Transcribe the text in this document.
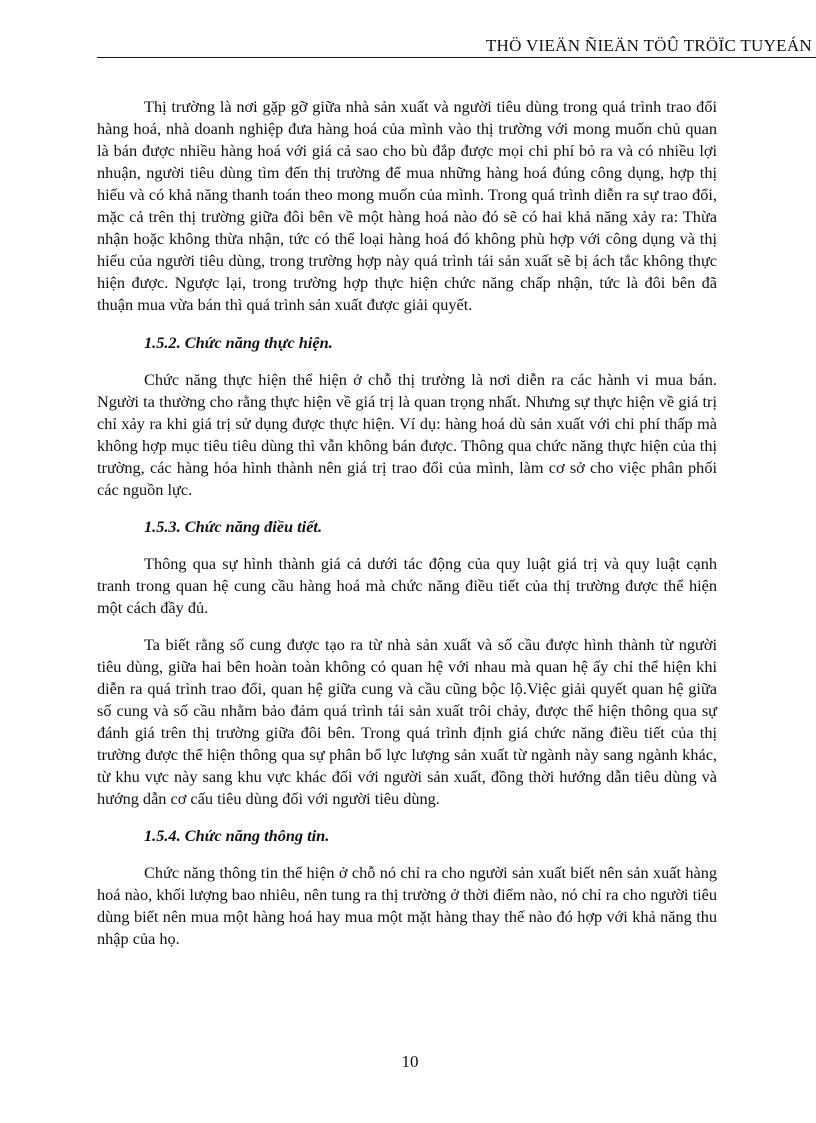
THÖ VIEÄN ÑIEÄN TÖÛ TRÖÏC TUYEÁN

Thị trường là nơi gặp gỡ giữa nhà sản xuất và người tiêu dùng trong quá trình trao đổi hàng hoá, nhà doanh nghiệp đưa hàng hoá của mình vào thị trường với mong muốn chủ quan là bán được nhiều hàng hoá với giá cả sao cho bù đắp được mọi chi phí bỏ ra và có nhiều lợi nhuận, người tiêu dùng tìm đến thị trường để mua những hàng hoá đúng công dụng, hợp thị hiếu và có khả năng thanh toán theo mong muốn của mình. Trong quá trình diễn ra sự trao đổi, mặc cả trên thị trường giữa đôi bên về một hàng hoá nào đó sẽ có hai khả năng xảy ra: Thừa nhận hoặc không thừa nhận, tức có thể loại hàng hoá đó không phù hợp với công dụng và thị hiếu của người tiêu dùng, trong trường hợp này quá trình tái sản xuất sẽ bị ách tắc không thực hiện được. Ngược lại, trong trường hợp thực hiện chức năng chấp nhận, tức là đôi bên đã thuận mua vừa bán thì quá trình sản xuất được giải quyết.

1.5.2. Chức năng thực hiện.

Chức năng thực hiện thể hiện ở chỗ thị trường là nơi diễn ra các hành vi mua bán. Người ta thường cho rằng thực hiện về giá trị là quan trọng nhất. Nhưng sự thực hiện về giá trị chỉ xảy ra khi giá trị sử dụng được thực hiện. Ví dụ: hàng hoá dù sản xuất với chi phí thấp mà không hợp mục tiêu tiêu dùng thì vẫn không bán được. Thông qua chức năng thực hiện của thị trường, các hàng hóa hình thành nên giá trị trao đổi của mình, làm cơ sở cho việc phân phối các nguồn lực.

1.5.3. Chức năng điều tiết.

Thông qua sự hình thành giá cả dưới tác động của quy luật giá trị và quy luật cạnh tranh trong quan hệ cung cầu hàng hoá mà chức năng điều tiết của thị trường được thể hiện một cách đầy đủ.

Ta biết rằng số cung được tạo ra từ nhà sản xuất và số cầu được hình thành từ người tiêu dùng, giữa hai bên hoàn toàn không có quan hệ với nhau mà quan hệ ấy chỉ thể hiện khi diễn ra quá trình trao đổi, quan hệ giữa cung và cầu cũng bộc lộ.Việc giải quyết quan hệ giữa số cung và số cầu nhằm bảo đảm quá trình tái sản xuất trôi chảy, được thể hiện thông qua sự đánh giá trên thị trường giữa đôi bên. Trong quá trình định giá chức năng điều tiết của thị trường được thể hiện thông qua sự phân bổ lực lượng sản xuất từ ngành này sang ngành khác, từ khu vực này sang khu vực khác đối với người sản xuất, đồng thời hướng dẫn tiêu dùng và hướng dẫn cơ cấu tiêu dùng đối với người tiêu dùng.

1.5.4. Chức năng thông tin.

Chức năng thông tin thể hiện ở chỗ nó chỉ ra cho người sản xuất biết nên sản xuất hàng hoá nào, khối lượng bao nhiêu, nên tung ra thị trường ở thời điểm nào, nó chỉ ra cho người tiêu dùng biết nên mua một hàng hoá hay mua một mặt hàng thay thế nào đó hợp với khả năng thu nhập của họ.

10
